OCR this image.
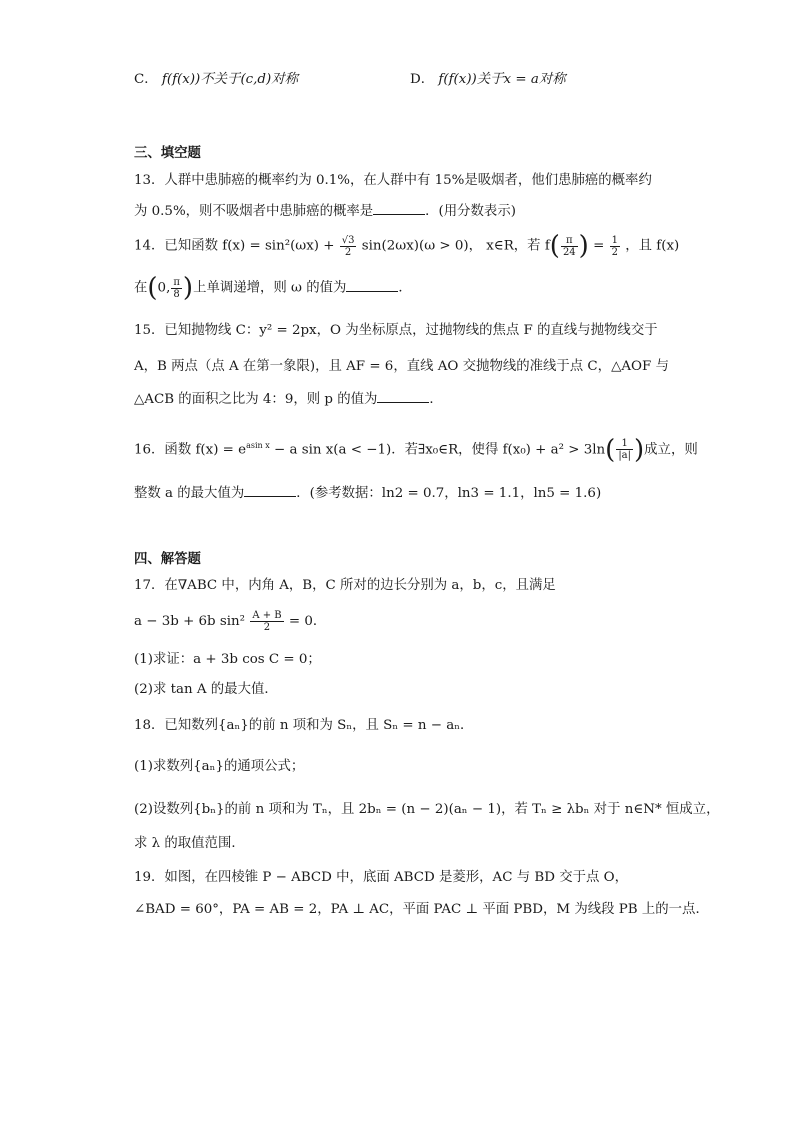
C． f(f(x))不关于(c,d)对称	D． f(f(x))关于x = a对称
三、填空题
13．人群中患肺癌的概率约为 0.1%，在人群中有 15%是吸烟者，他们患肺癌的概率约
为 0.5%，则不吸烟者中患肺癌的概率是	．(用分数表示)
14．已知函数 $f(x) = \sin^2(\omega x) + \frac{√3}{2} \sin(2\omega x)(\omega > 0)$， x∈R，若 $f( \frac{\pi}{24}$ ) = $\frac{1}{2}$ ，且 f(x)
在(0, $\frac{\pi}{8}$ )上单调递增，则 ω 的值为	．
15．已知抛物线 C：y² = 2px，O 为坐标原点，过抛物线的焦点 F 的直线与抛物线交于
A，B 两点（点 A 在第一象限)，且 AF = 6，直线 AO 交抛物线的准线于点 C，△AOF 与
△ACB 的面积之比为 4：9，则 p 的值为	．
16．函数 $f(x) = e^{asin x} - a$ sin x(a < −1)．若∃x₀∈R，使得 $f(x_0) + a^2 > 3\ln( \frac{1}{|a|}$ )成立，则
整数 a 的最大值为	．(参考数据：ln2 = 0.7，ln3 = 1.1，ln5 = 1.6)
四、解答题
17．在∇ABC 中，内角 A，B，C 所对的边长分别为 a，b，c，且满足
a − 3b + 6b $\sin^2 \frac{A + B}{2} = 0$．
(1)求证：a + 3b cos C = 0；
(2)求 tan A 的最大值．
18．已知数列{aₙ}的前 n 项和为 Sₙ，且 Sₙ = n − aₙ．
(1)求数列{aₙ}的通项公式；
(2)设数列{bₙ}的前 n 项和为 Tₙ，且 2bₙ = (n − 2)(aₙ − 1)，若 Tₙ ≥ λbₙ 对于 n∈N* 恒成立，
求 λ 的取值范围．
19．如图，在四棱锥 P − ABCD 中，底面 ABCD 是菱形，AC 与 BD 交于点 O，
∠BAD = 60°，PA = AB = 2，PA ⊥ AC，平面 PAC ⊥ 平面 PBD，M 为线段 PB 上的一点．
